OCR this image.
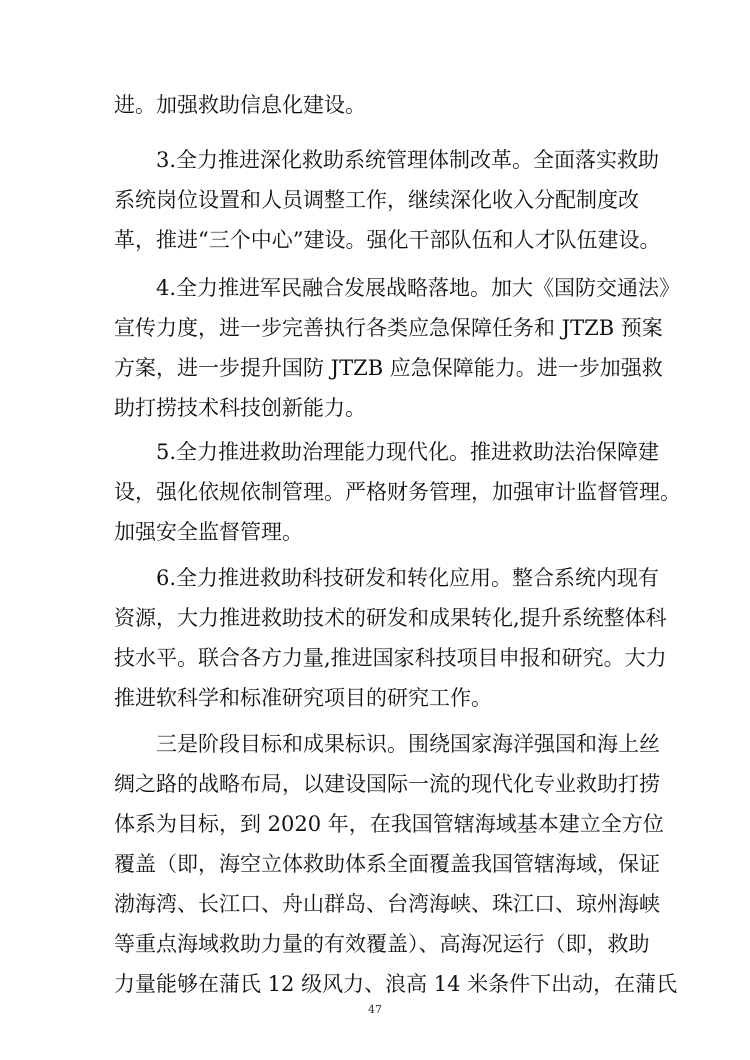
进。加强救助信息化建设。
3.全力推进深化救助系统管理体制改革。全面落实救助
系统岗位设置和人员调整工作，继续深化收入分配制度改
革，推进“三个中心”建设。强化干部队伍和人才队伍建设。
4.全力推进军民融合发展战略落地。加大《国防交通法》
宣传力度，进一步完善执行各类应急保障任务和 JTZB 预案
方案，进一步提升国防 JTZB 应急保障能力。进一步加强救
助打捞技术科技创新能力。
5.全力推进救助治理能力现代化。推进救助法治保障建
设，强化依规依制管理。严格财务管理，加强审计监督管理。
加强安全监督管理。
6.全力推进救助科技研发和转化应用。整合系统内现有
资源，大力推进救助技术的研发和成果转化,提升系统整体科
技水平。联合各方力量,推进国家科技项目申报和研究。大力
推进软科学和标准研究项目的研究工作。
三是阶段目标和成果标识。围绕国家海洋强国和海上丝
绸之路的战略布局，以建设国际一流的现代化专业救助打捞
体系为目标，到 2020 年，在我国管辖海域基本建立全方位
覆盖（即，海空立体救助体系全面覆盖我国管辖海域，保证
渤海湾、长江口、舟山群岛、台湾海峡、珠江口、琼州海峡
等重点海域救助力量的有效覆盖）、高海况运行（即，救助
力量能够在蒲氏 12 级风力、浪高 14 米条件下出动，在蒲氏
47
